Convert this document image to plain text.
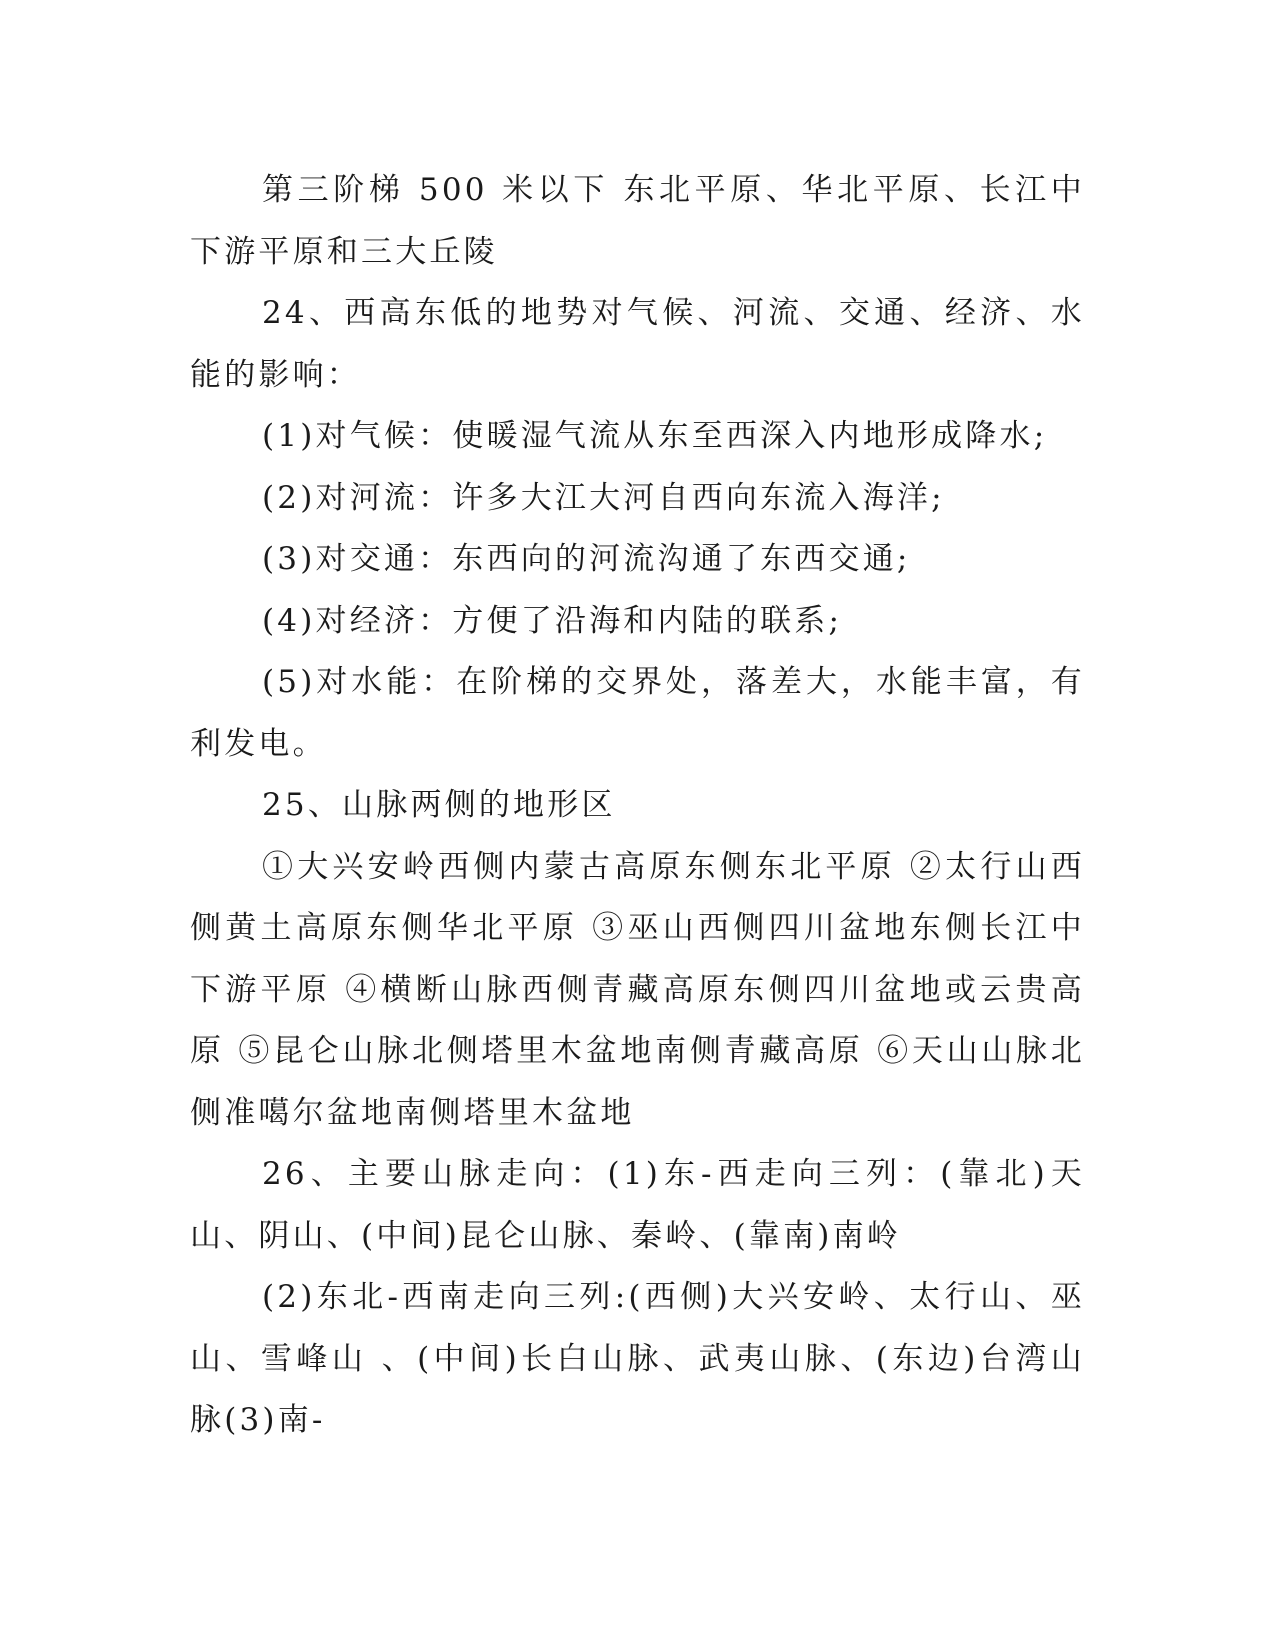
第三阶梯 500 米以下 东北平原、华北平原、长江中下游平原和三大丘陵

24、西高东低的地势对气候、河流、交通、经济、水能的影响：

(1)对气候：使暖湿气流从东至西深入内地形成降水;

(2)对河流：许多大江大河自西向东流入海洋;

(3)对交通：东西向的河流沟通了东西交通;

(4)对经济：方便了沿海和内陆的联系;

(5)对水能：在阶梯的交界处，落差大，水能丰富，有利发电。

25、山脉两侧的地形区

①大兴安岭西侧内蒙古高原东侧东北平原 ②太行山西侧黄土高原东侧华北平原 ③巫山西侧四川盆地东侧长江中下游平原 ④横断山脉西侧青藏高原东侧四川盆地或云贵高原 ⑤昆仑山脉北侧塔里木盆地南侧青藏高原 ⑥天山山脉北侧准噶尔盆地南侧塔里木盆地

26、主要山脉走向：(1)东-西走向三列：(靠北)天山、阴山、(中间)昆仑山脉、秦岭、(靠南)南岭

(2)东北-西南走向三列:(西侧)大兴安岭、太行山、巫山、雪峰山 、(中间)长白山脉、武夷山脉、(东边)台湾山脉(3)南-
